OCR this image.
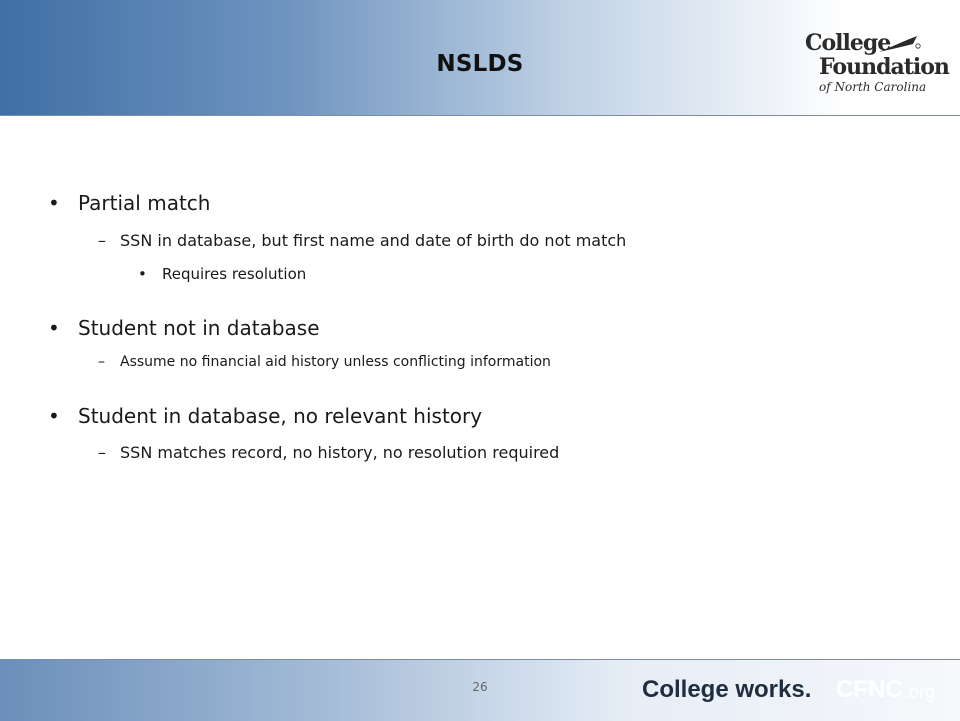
NSLDS
College
Foundation
of North Carolina
• Partial match
– SSN in database, but first name and date of birth do not match
• Requires resolution
• Student not in database
– Assume no financial aid history unless conflicting information
• Student in database, no relevant history
– SSN matches record, no history, no resolution required
26	College works. CFNC .org
